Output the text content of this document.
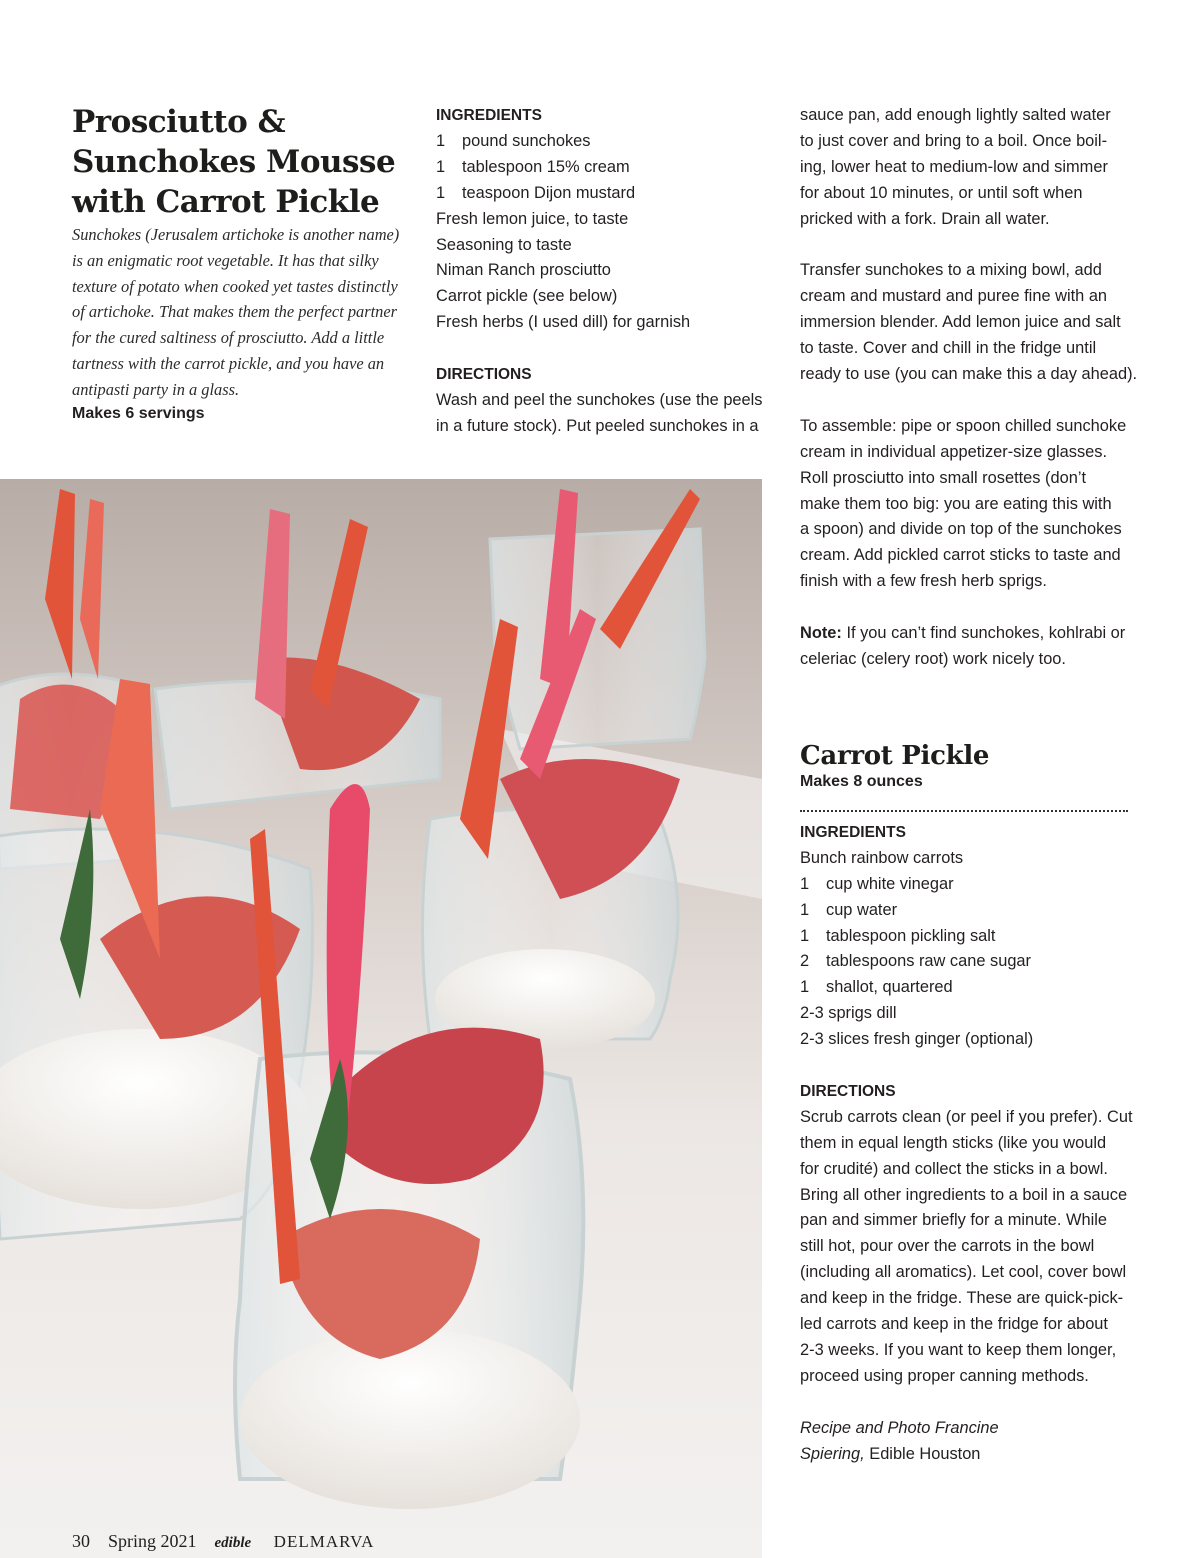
Prosciutto &
Sunchokes Mousse
with Carrot Pickle

Sunchokes (Jerusalem artichoke is another name) is an enigmatic root vegetable. It has that silky texture of potato when cooked yet tastes distinctly of artichoke. That makes them the perfect partner for the cured saltiness of prosciutto. Add a little tartness with the carrot pickle, and you have an antipasti party in a glass.

Makes 6 servings
INGREDIENTS
1 pound sunchokes
1 tablespoon 15% cream
1 teaspoon Dijon mustard
Fresh lemon juice, to taste
Seasoning to taste
Niman Ranch prosciutto
Carrot pickle (see below)
Fresh herbs (I used dill) for garnish
DIRECTIONS
Wash and peel the sunchokes (use the peels
in a future stock). Put peeled sunchokes in a
sauce pan, add enough lightly salted water
to just cover and bring to a boil. Once boil-
ing, lower heat to medium-low and simmer
for about 10 minutes, or until soft when
pricked with a fork. Drain all water.
Transfer sunchokes to a mixing bowl, add
cream and mustard and puree fine with an
immersion blender. Add lemon juice and salt
to taste. Cover and chill in the fridge until
ready to use (you can make this a day ahead).
To assemble: pipe or spoon chilled sunchoke
cream in individual appetizer-size glasses.
Roll prosciutto into small rosettes (don’t
make them too big: you are eating this with
a spoon) and divide on top of the sunchokes
cream. Add pickled carrot sticks to taste and
finish with a few fresh herb sprigs.
Note: If you can’t find sunchokes, kohlrabi or
celeriac (celery root) work nicely too.
Carrot Pickle
Makes 8 ounces
INGREDIENTS
Bunch rainbow carrots
1 cup white vinegar
1 cup water
1 tablespoon pickling salt
2 tablespoons raw cane sugar
1 shallot, quartered
2-3 sprigs dill
2-3 slices fresh ginger (optional)
DIRECTIONS
Scrub carrots clean (or peel if you prefer). Cut
them in equal length sticks (like you would
for crudité) and collect the sticks in a bowl.
Bring all other ingredients to a boil in a sauce
pan and simmer briefly for a minute. While
still hot, pour over the carrots in the bowl
(including all aromatics). Let cool, cover bowl
and keep in the fridge. These are quick-pick-
led carrots and keep in the fridge for about
2-3 weeks. If you want to keep them longer,
proceed using proper canning methods.
Recipe and Photo Francine
Spiering, Edible Houston
30 Spring 2021 edible DELMARVA
